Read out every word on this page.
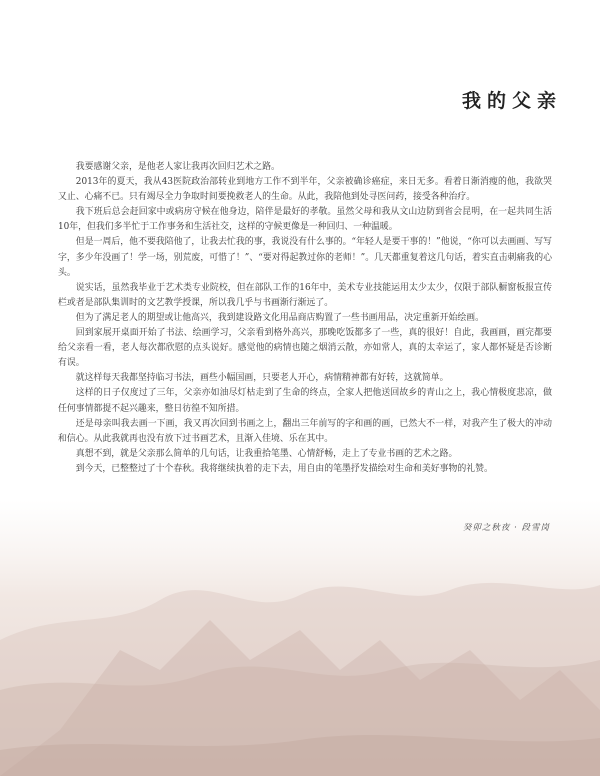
我的父亲

我要感谢父亲，是他老人家让我再次回归艺术之路。

2013年的夏天，我从43医院政治部转业到地方工作不到半年，父亲被确诊癌症，来日无多。看着日渐消瘦的他，我欲哭又止、心痛不已。只有竭尽全力争取时间要挽救老人的生命。从此，我陪他到处寻医问药，接受各种治疗。

我下班后总会赶回家中或病房守候在他身边，陪伴是最好的孝敬。虽然父母和我从文山边防到省会昆明，在一起共同生活10年，但我们多半忙于工作事务和生活社交，这样的守候更像是一种回归、一种温暖。

但是一周后，他不要我陪他了，让我去忙我的事，我说没有什么事的。“年轻人是要干事的！”他说，“你可以去画画、写写字，多少年没画了！学一场，别荒废，可惜了！”、“要对得起教过你的老师！”。几天都重复着这几句话，着实直击刺痛我的心头。

说实话，虽然我毕业于艺术类专业院校，但在部队工作的16年中，美术专业技能运用太少太少，仅限于部队橱窗板报宣传栏或者是部队集训时的文艺教学授课，所以我几乎与书画渐行渐远了。

但为了满足老人的期望或让他高兴，我到建设路文化用品商店购置了一些书画用品，决定重新开始绘画。

回到家展开桌面开始了书法、绘画学习，父亲看到格外高兴，那晚吃饭都多了一些，真的很好！自此，我画画，画完都要给父亲看一看，老人每次都欣慰的点头说好。感觉他的病情也随之烟消云散，亦如常人，真的太幸运了，家人都怀疑是否诊断有误。

就这样每天我都坚持临习书法，画些小幅国画，只要老人开心，病情精神都有好转，这就简单。

这样的日子仅度过了三年，父亲亦如油尽灯枯走到了生命的终点，全家人把他送回故乡的青山之上，我心情极度悲凉，做任何事情都提不起兴趣来，整日彷徨不知所措。

还是母亲叫我去画一下画，我又再次回到书画之上，翻出三年前写的字和画的画，已然大不一样，对我产生了极大的冲动和信心。从此我就再也没有放下过书画艺术，且渐入佳境、乐在其中。

真想不到，就是父亲那么简单的几句话，让我重拾笔墨、心情舒畅，走上了专业书画的艺术之路。

到今天，已整整过了十个春秋。我将继续执着的走下去，用自由的笔墨抒发描绘对生命和美好事物的礼赞。

癸卯之秋夜 · 段雪岗
